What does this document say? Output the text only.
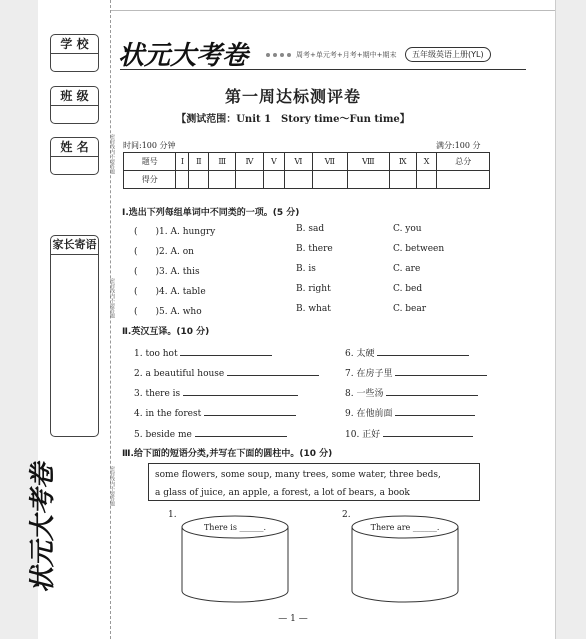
学 校
班 级
姓 名
家长寄语
密封线内不要答题
密封线内不要答题
密封线内不要答题
状元大考卷
状元大考卷	周考+单元考+月考+期中+期末	五年级英语上册(YL)
第一周达标测评卷
【测试范围：Unit 1　Story time～Fun time】
时间:100 分钟	满分:100 分
题号	Ⅰ	Ⅱ	Ⅲ	Ⅳ	Ⅴ	Ⅵ	Ⅶ	Ⅷ	Ⅸ	Ⅹ	总分
得分											
Ⅰ.选出下列每组单词中不同类的一项。(5 分)
(　　)1. A. hungry	B. sad	C. you
(　　)2. A. on	B. there	C. between
(　　)3. A. this	B. is	C. are
(　　)4. A. table	B. right	C. bed
(　　)5. A. who	B. what	C. bear
Ⅱ.英汉互译。(10 分)
1. too hot
2. a beautiful house
3. there is
4. in the forest
5. beside me
6. 太硬
7. 在房子里
8. 一些汤
9. 在他前面
10. 正好
Ⅲ.给下面的短语分类,并写在下面的圆柱中。(10 分)
some flowers, some soup, many trees, some water, three beds,
a glass of juice, an apple, a forest, a lot of bears, a book
1.	2.
There is ______.	There are ______.
— 1 —
